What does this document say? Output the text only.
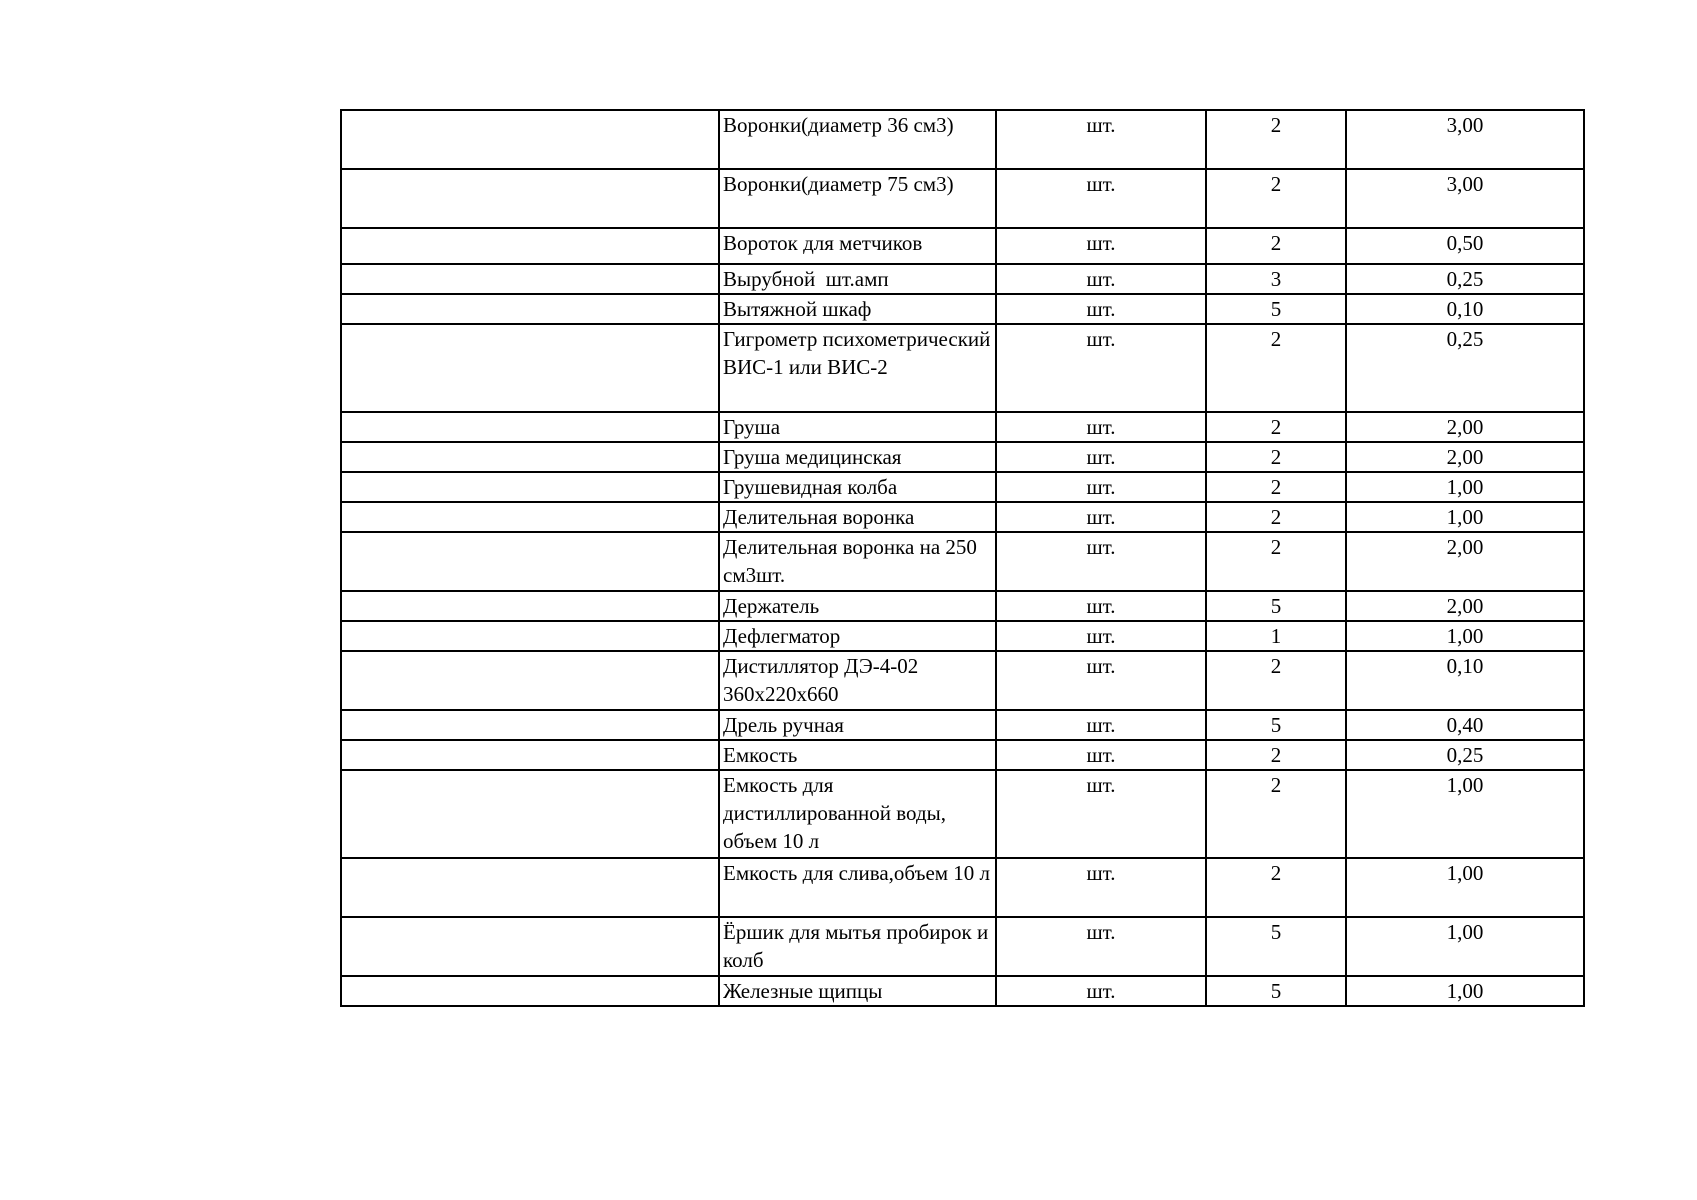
	Воронки(диаметр 36 см3)	шт.	2	3,00
	Воронки(диаметр 75 см3)	шт.	2	3,00
	Вороток для метчиков	шт.	2	0,50
	Вырубной  шт.амп	шт.	3	0,25
	Вытяжной шкаф	шт.	5	0,10
	Гигрометр психометрический ВИС-1 или ВИС-2	шт.	2	0,25
	Груша	шт.	2	2,00
	Груша медицинская	шт.	2	2,00
	Грушевидная колба	шт.	2	1,00
	Делительная воронка	шт.	2	1,00
	Делительная воронка на 250 см3шт.	шт.	2	2,00
	Держатель	шт.	5	2,00
	Дефлегматор	шт.	1	1,00
	Дистиллятор ДЭ-4-02 360х220х660	шт.	2	0,10
	Дрель ручная	шт.	5	0,40
	Емкость	шт.	2	0,25
	Емкость для дистиллированной воды, объем 10 л	шт.	2	1,00
	Емкость для слива,объем 10 л	шт.	2	1,00
	Ёршик для мытья пробирок и колб	шт.	5	1,00
	Железные щипцы	шт.	5	1,00
